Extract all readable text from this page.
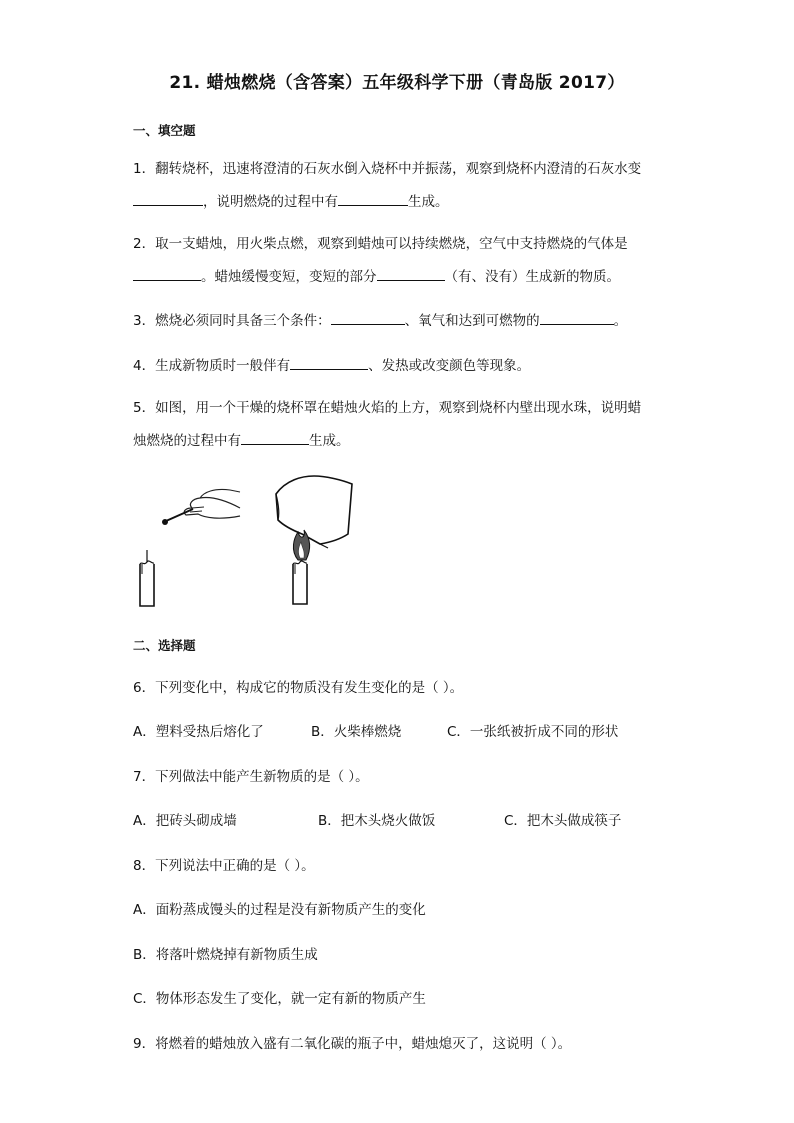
21. 蜡烛燃烧（含答案）五年级科学下册（青岛版 2017）
一、填空题
1．翻转烧杯，迅速将澄清的石灰水倒入烧杯中并振荡，观察到烧杯内澄清的石灰水变
，说明燃烧的过程中有	生成。
2．取一支蜡烛，用火柴点燃，观察到蜡烛可以持续燃烧，空气中支持燃烧的气体是
。蜡烛缓慢变短，变短的部分	（有、没有）生成新的物质。
3．燃烧必须同时具备三个条件：	、氧气和达到可燃物的	。
4．生成新物质时一般伴有	、发热或改变颜色等现象。
5．如图，用一个干燥的烧杯罩在蜡烛火焰的上方，观察到烧杯内壁出现水珠，说明蜡
烛燃烧的过程中有	生成。
二、选择题
6．下列变化中，构成它的物质没有发生变化的是（ ）。
A．塑料受热后熔化了	B．火柴棒燃烧	C．一张纸被折成不同的形状
7．下列做法中能产生新物质的是（ ）。
A．把砖头砌成墙	B．把木头烧火做饭	C．把木头做成筷子
8．下列说法中正确的是（ ）。
A．面粉蒸成馒头的过程是没有新物质产生的变化
B．将落叶燃烧掉有新物质生成
C．物体形态发生了变化，就一定有新的物质产生
9．将燃着的蜡烛放入盛有二氧化碳的瓶子中，蜡烛熄灭了，这说明（ ）。
